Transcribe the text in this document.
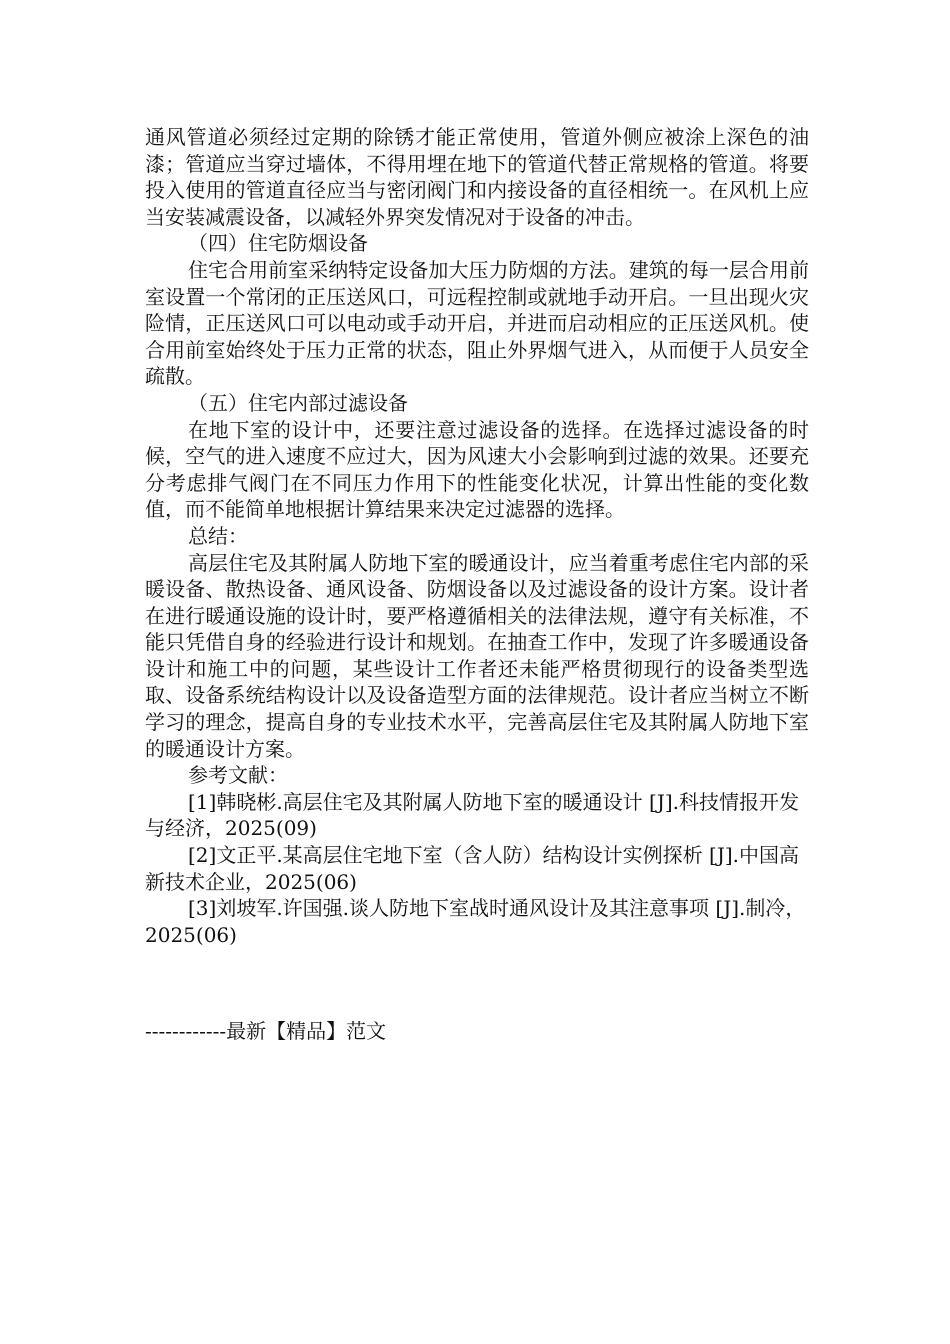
通风管道必须经过定期的除锈才能正常使用，管道外侧应被涂上深色的油漆；管道应当穿过墙体，不得用埋在地下的管道代替正常规格的管道。将要投入使用的管道直径应当与密闭阀门和内接设备的直径相统一。在风机上应当安装减震设备，以减轻外界突发情况对于设备的冲击。

（四）住宅防烟设备

住宅合用前室采纳特定设备加大压力防烟的方法。建筑的每一层合用前室设置一个常闭的正压送风口，可远程控制或就地手动开启。一旦出现火灾险情，正压送风口可以电动或手动开启，并进而启动相应的正压送风机。使合用前室始终处于压力正常的状态，阻止外界烟气进入，从而便于人员安全疏散。

（五）住宅内部过滤设备

在地下室的设计中，还要注意过滤设备的选择。在选择过滤设备的时候，空气的进入速度不应过大，因为风速大小会影响到过滤的效果。还要充分考虑排气阀门在不同压力作用下的性能变化状况，计算出性能的变化数值，而不能简单地根据计算结果来决定过滤器的选择。

总结：

高层住宅及其附属人防地下室的暖通设计，应当着重考虑住宅内部的采暖设备、散热设备、通风设备、防烟设备以及过滤设备的设计方案。设计者在进行暖通设施的设计时，要严格遵循相关的法律法规，遵守有关标准，不能只凭借自身的经验进行设计和规划。在抽查工作中，发现了许多暖通设备设计和施工中的问题，某些设计工作者还未能严格贯彻现行的设备类型选取、设备系统结构设计以及设备造型方面的法律规范。设计者应当树立不断学习的理念，提高自身的专业技术水平，完善高层住宅及其附属人防地下室的暖通设计方案。

参考文献：

[1]韩晓彬.高层住宅及其附属人防地下室的暖通设计 [J].科技情报开发与经济，2025(09)

[2]文正平.某高层住宅地下室（含人防）结构设计实例探析 [J].中国高新技术企业，2025(06)

[3]刘坡军.许国强.谈人防地下室战时通风设计及其注意事项 [J].制冷，2025(06)

------------最新【精品】范文
